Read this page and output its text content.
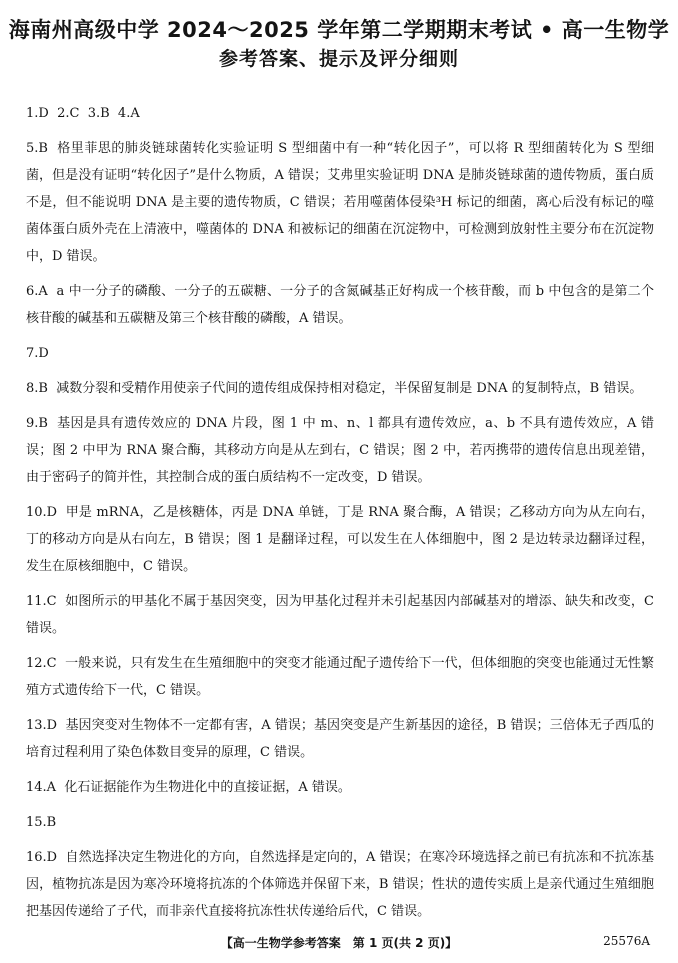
海南州高级中学 2024～2025 学年第二学期期末考试 • 高一生物学
参考答案、提示及评分细则

1.D  2.C  3.B  4.A

5.B  格里菲思的肺炎链球菌转化实验证明 S 型细菌中有一种“转化因子”，可以将 R 型细菌转化为 S 型细菌，但是没有证明“转化因子”是什么物质，A 错误；艾弗里实验证明 DNA 是肺炎链球菌的遗传物质，蛋白质不是，但不能说明 DNA 是主要的遗传物质，C 错误；若用噬菌体侵染³H 标记的细菌，离心后没有标记的噬菌体蛋白质外壳在上清液中，噬菌体的 DNA 和被标记的细菌在沉淀物中，可检测到放射性主要分布在沉淀物中，D 错误。

6.A  a 中一分子的磷酸、一分子的五碳糖、一分子的含氮碱基正好构成一个核苷酸，而 b 中包含的是第二个核苷酸的碱基和五碳糖及第三个核苷酸的磷酸，A 错误。

7.D

8.B  减数分裂和受精作用使亲子代间的遗传组成保持相对稳定，半保留复制是 DNA 的复制特点，B 错误。

9.B  基因是具有遗传效应的 DNA 片段，图 1 中 m、n、l 都具有遗传效应，a、b 不具有遗传效应，A 错误；图 2 中甲为 RNA 聚合酶，其移动方向是从左到右，C 错误；图 2 中，若丙携带的遗传信息出现差错，由于密码子的简并性，其控制合成的蛋白质结构不一定改变，D 错误。

10.D  甲是 mRNA，乙是核糖体，丙是 DNA 单链，丁是 RNA 聚合酶，A 错误；乙移动方向为从左向右，丁的移动方向是从右向左，B 错误；图 1 是翻译过程，可以发生在人体细胞中，图 2 是边转录边翻译过程，发生在原核细胞中，C 错误。

11.C  如图所示的甲基化不属于基因突变，因为甲基化过程并未引起基因内部碱基对的增添、缺失和改变，C 错误。

12.C  一般来说，只有发生在生殖细胞中的突变才能通过配子遗传给下一代，但体细胞的突变也能通过无性繁殖方式遗传给下一代，C 错误。

13.D  基因突变对生物体不一定都有害，A 错误；基因突变是产生新基因的途径，B 错误；三倍体无子西瓜的培育过程利用了染色体数目变异的原理，C 错误。

14.A  化石证据能作为生物进化中的直接证据，A 错误。

15.B

16.D  自然选择决定生物进化的方向，自然选择是定向的，A 错误；在寒冷环境选择之前已有抗冻和不抗冻基因，植物抗冻是因为寒冷环境将抗冻的个体筛选并保留下来，B 错误；性状的遗传实质上是亲代通过生殖细胞把基因传递给了子代，而非亲代直接将抗冻性状传递给后代，C 错误。

【高一生物学参考答案　第 1 页(共 2 页)】	25576A
